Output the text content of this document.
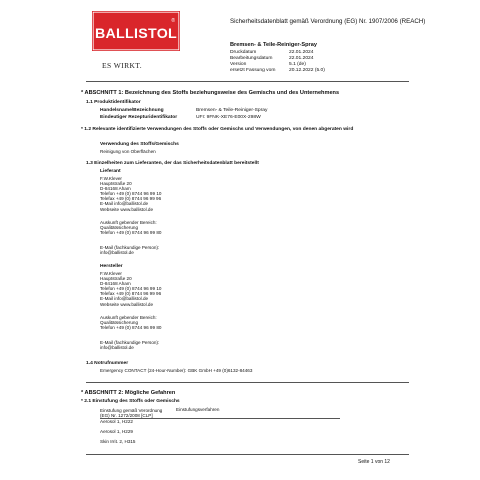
BALLISTOL
®
ES WIRKT.
Sicherheitsdatenblatt gemäß Verordnung (EG) Nr. 1907/2006 (REACH)
Bremsen- & Teile-Reiniger-Spray
Druckdatum	22.01.2024
Bearbeitungsdatum	22.01.2024
Version	5.1 (de)
ersetzt Fassung vom	20.12.2022 (5.0)
* ABSCHNITT 1: Bezeichnung des Stoffs beziehungsweise des Gemischs und des Unternehmens
1.1 Produktidentifikator
Handelsname/Bezeichnung	Bremsen- & Teile-Reiniger-Spray
Eindeutiger Rezepturidentifikator	UFI: 9FNK-XE76-E00X-298W
* 1.2 Relevante identifizierte Verwendungen des Stoffs oder Gemischs und Verwendungen, von denen abgeraten wird
Verwendung des Stoffs/Gemischs
Reinigung von Oberflächen
1.3 Einzelheiten zum Lieferanten, der das Sicherheitsdatenblatt bereitstellt
Lieferant
F.W.Klever
Hauptstraße 20
D-84168 Aham
Telefon +49 (0) 8744 96 99 10
Telefax +49 (0) 8744 96 99 96
E-Mail info@ballistol.de
Webseite www.ballistol.de
Auskunft gebender Bereich:
Qualitätssicherung
Telefon +49 (0) 8744 96 99 80
E-Mail (fachkundige Person):
info@ballistol.de
Hersteller
F.W.Klever
Hauptstraße 20
D-84168 Aham
Telefon +49 (0) 8744 96 99 10
Telefax +49 (0) 8744 96 99 96
E-Mail info@ballistol.de
Webseite www.ballistol.de
Auskunft gebender Bereich:
Qualitätssicherung
Telefon +49 (0) 8744 96 99 80
E-Mail (fachkundige Person):
info@ballistol.de
1.4 Notrufnummer
Emergency CONTACT (24-Hour-Number): GBK GmbH +49 (0)6132-84463
* ABSCHNITT 2: Mögliche Gefahren
* 2.1 Einstufung des Stoffs oder Gemischs
Einstufung gemäß Verordnung
(EG) Nr. 1272/2008 [CLP]
Einstufungsverfahren
Aerosol 1, H222
Aerosol 1, H229
Skin Irrit. 2, H315
Seite 1 von 12
